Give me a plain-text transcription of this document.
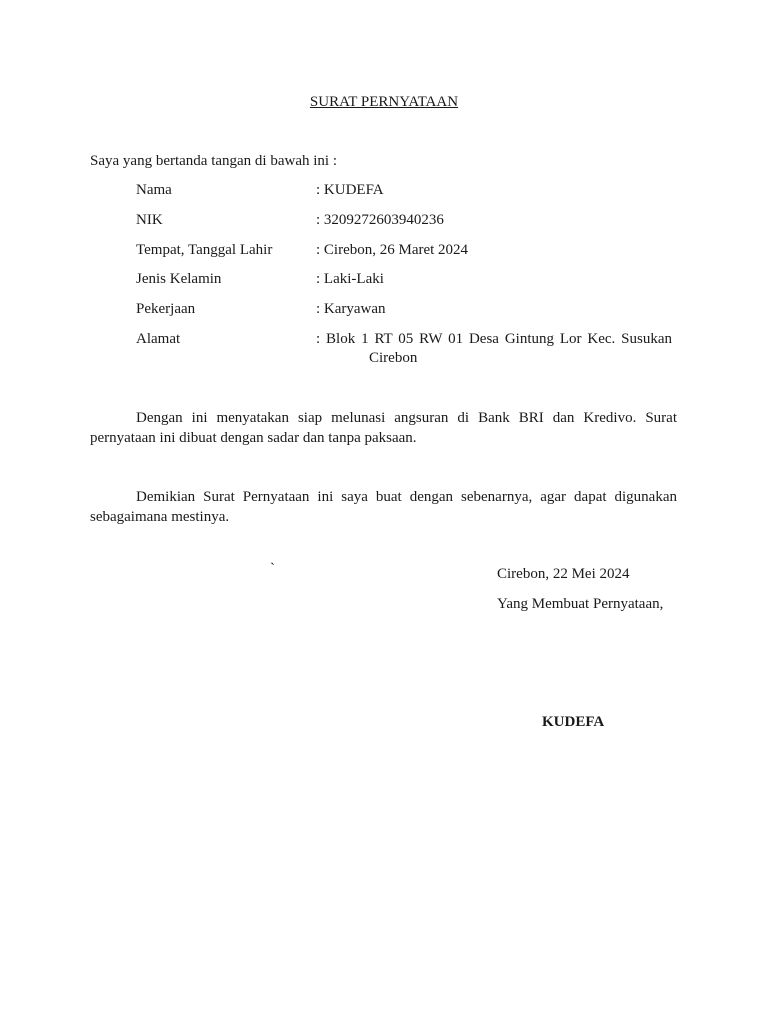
SURAT PERNYATAAN
Saya yang bertanda tangan di bawah ini :
Nama	: KUDEFA
NIK	: 3209272603940236
Tempat, Tanggal Lahir	: Cirebon, 26 Maret 2024
Jenis Kelamin	: Laki-Laki
Pekerjaan	: Karyawan
Alamat	: Blok 1 RT 05 RW 01 Desa Gintung Lor Kec. Susukan
Cirebon
Dengan ini menyatakan siap melunasi angsuran di Bank BRI dan Kredivo. Surat pernyataan ini dibuat dengan sadar dan tanpa paksaan.
Demikian Surat Pernyataan ini saya buat dengan sebenarnya, agar dapat digunakan sebagaimana mestinya.
`	Cirebon, 22 Mei 2024
Yang Membuat Pernyataan,
KUDEFA
